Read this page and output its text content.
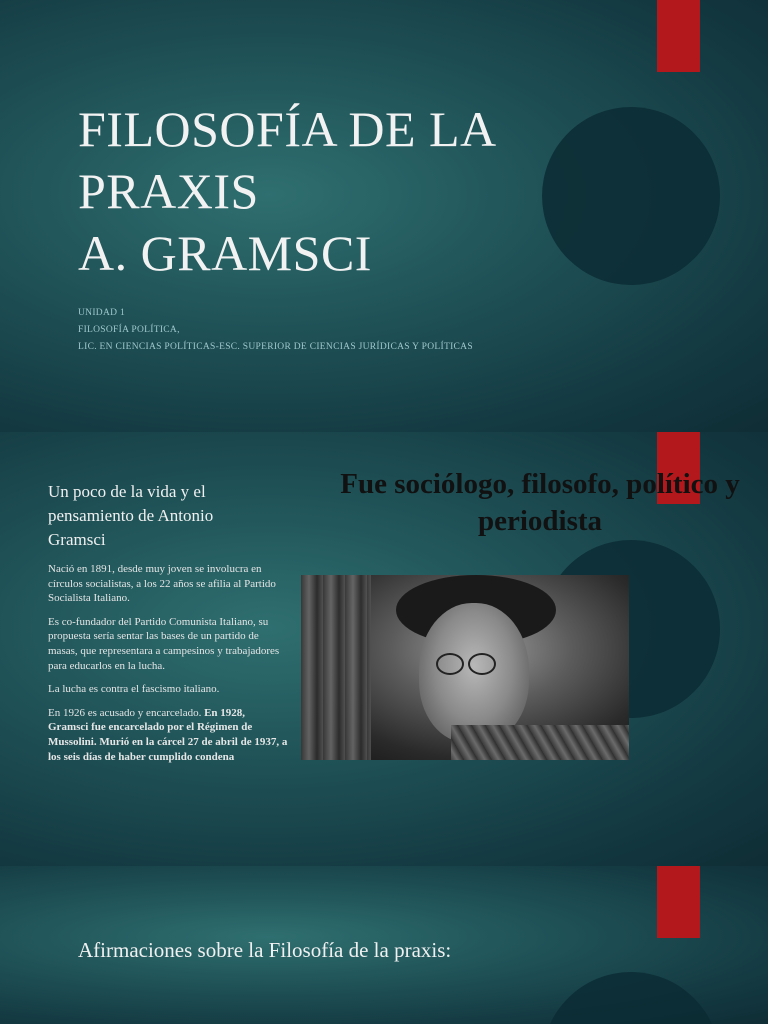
FILOSOFÍA DE LA
PRAXIS
A. GRAMSCI
UNIDAD 1
FILOSOFÍA POLÍTICA,
LIC. EN CIENCIAS POLÍTICAS-ESC. SUPERIOR DE CIENCIAS JURÍDICAS Y POLÍTICAS
Un poco de la vida y el pensamiento de Antonio Gramsci

Nació en 1891, desde muy joven se involucra en círculos socialistas, a los 22 años se afilia al Partido Socialista Italiano.

Es co-fundador del Partido Comunista Italiano, su propuesta sería sentar las bases de un partido de masas, que representara a campesinos y trabajadores para educarlos en la lucha.

La lucha es contra el fascismo italiano.

En 1926 es acusado y encarcelado. En 1928, Gramsci fue encarcelado por el Régimen de Mussolini. Murió en la cárcel 27 de abril de 1937, a los seis días de haber cumplido condena

Fue sociólogo, filosofo, político y periodista
Afirmaciones sobre la Filosofía de la praxis:
